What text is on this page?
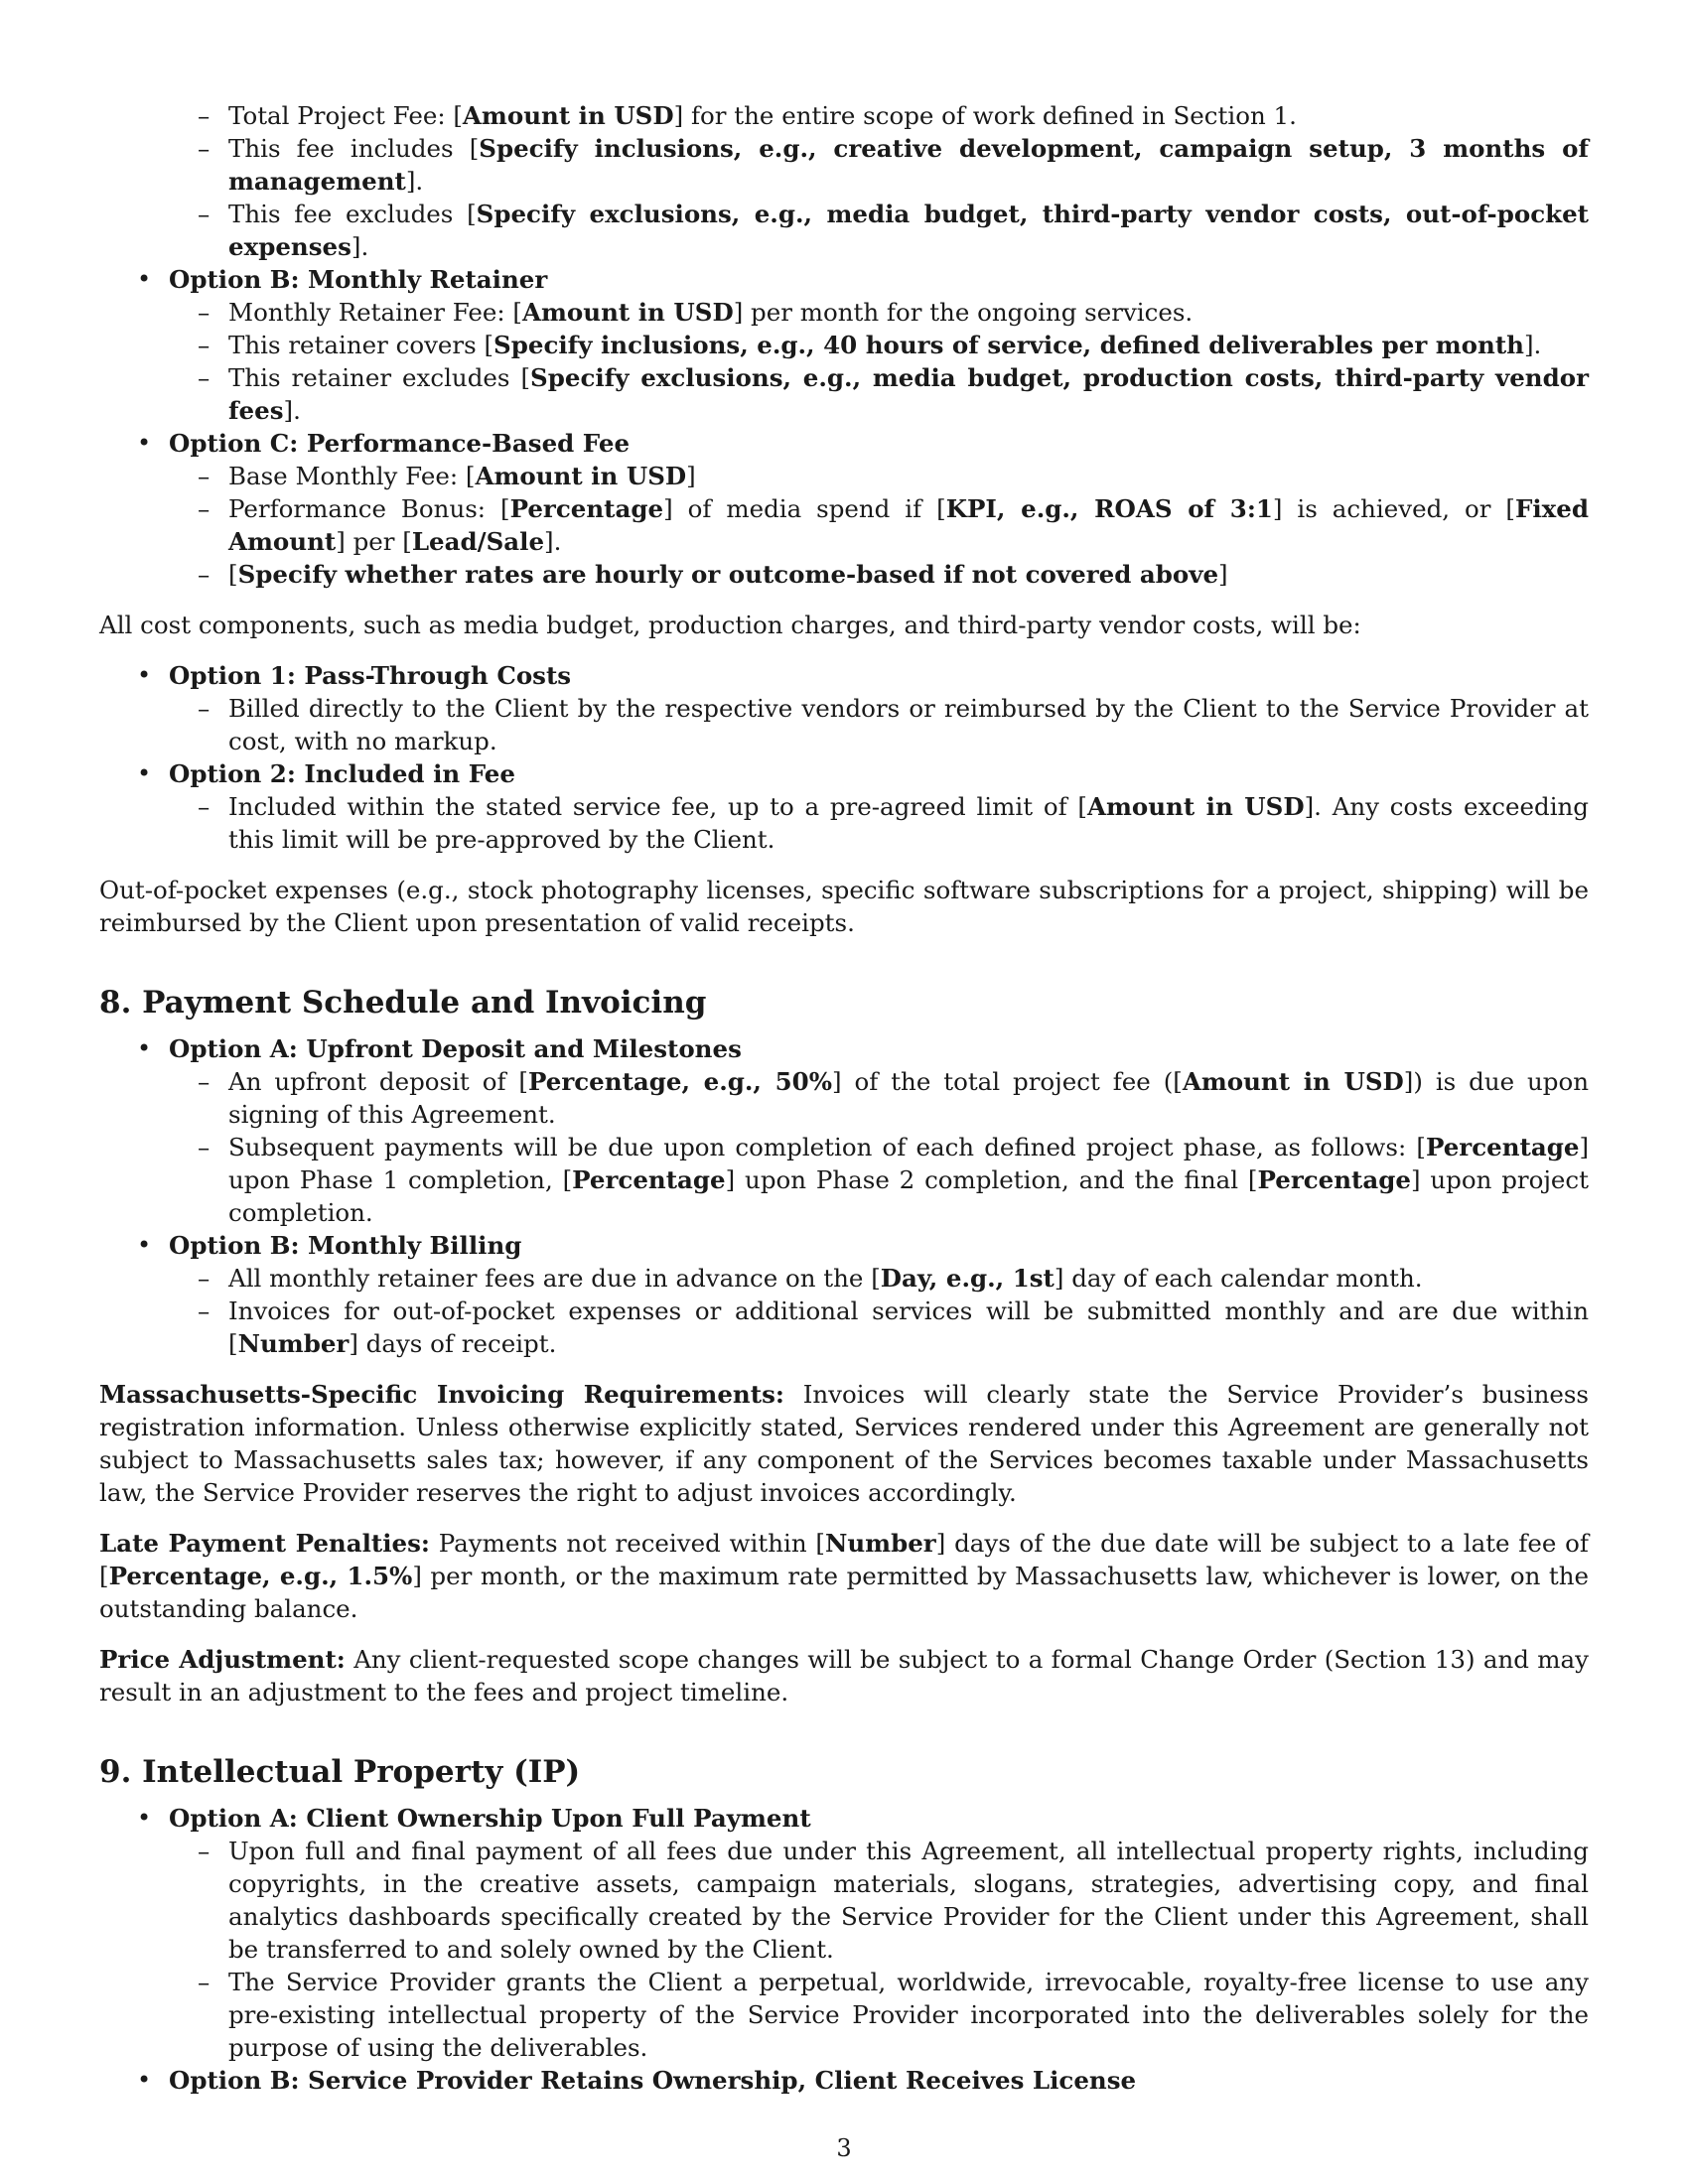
– Total Project Fee: [Amount in USD] for the entire scope of work defined in Section 1.
– This fee includes [Specify inclusions, e.g., creative development, campaign setup, 3 months of management].
– This fee excludes [Specify exclusions, e.g., media budget, third-party vendor costs, out-of-pocket expenses].
• Option B: Monthly Retainer
– Monthly Retainer Fee: [Amount in USD] per month for the ongoing services.
– This retainer covers [Specify inclusions, e.g., 40 hours of service, defined deliverables per month].
– This retainer excludes [Specify exclusions, e.g., media budget, production costs, third-party vendor fees].
• Option C: Performance-Based Fee
– Base Monthly Fee: [Amount in USD]
– Performance Bonus: [Percentage] of media spend if [KPI, e.g., ROAS of 3:1] is achieved, or [Fixed Amount] per [Lead/Sale].
– [Specify whether rates are hourly or outcome-based if not covered above]

All cost components, such as media budget, production charges, and third-party vendor costs, will be:

• Option 1: Pass-Through Costs
– Billed directly to the Client by the respective vendors or reimbursed by the Client to the Service Provider at cost, with no markup.
• Option 2: Included in Fee
– Included within the stated service fee, up to a pre-agreed limit of [Amount in USD]. Any costs exceeding this limit will be pre-approved by the Client.

Out-of-pocket expenses (e.g., stock photography licenses, specific software subscriptions for a project, shipping) will be reimbursed by the Client upon presentation of valid receipts.

8. Payment Schedule and Invoicing
• Option A: Upfront Deposit and Milestones
– An upfront deposit of [Percentage, e.g., 50%] of the total project fee ([Amount in USD]) is due upon signing of this Agreement.
– Subsequent payments will be due upon completion of each defined project phase, as follows: [Percentage] upon Phase 1 completion, [Percentage] upon Phase 2 completion, and the final [Percentage] upon project completion.
• Option B: Monthly Billing
– All monthly retainer fees are due in advance on the [Day, e.g., 1st] day of each calendar month.
– Invoices for out-of-pocket expenses or additional services will be submitted monthly and are due within [Number] days of receipt.

Massachusetts-Specific Invoicing Requirements: Invoices will clearly state the Service Provider’s business registration information. Unless otherwise explicitly stated, Services rendered under this Agreement are generally not subject to Massachusetts sales tax; however, if any component of the Services becomes taxable under Massachusetts law, the Service Provider reserves the right to adjust invoices accordingly.

Late Payment Penalties: Payments not received within [Number] days of the due date will be subject to a late fee of [Percentage, e.g., 1.5%] per month, or the maximum rate permitted by Massachusetts law, whichever is lower, on the outstanding balance.

Price Adjustment: Any client-requested scope changes will be subject to a formal Change Order (Section 13) and may result in an adjustment to the fees and project timeline.

9. Intellectual Property (IP)
• Option A: Client Ownership Upon Full Payment
– Upon full and final payment of all fees due under this Agreement, all intellectual property rights, including copyrights, in the creative assets, campaign materials, slogans, strategies, advertising copy, and final analytics dashboards specifically created by the Service Provider for the Client under this Agreement, shall be transferred to and solely owned by the Client.
– The Service Provider grants the Client a perpetual, worldwide, irrevocable, royalty-free license to use any pre-existing intellectual property of the Service Provider incorporated into the deliverables solely for the purpose of using the deliverables.
• Option B: Service Provider Retains Ownership, Client Receives License
3
